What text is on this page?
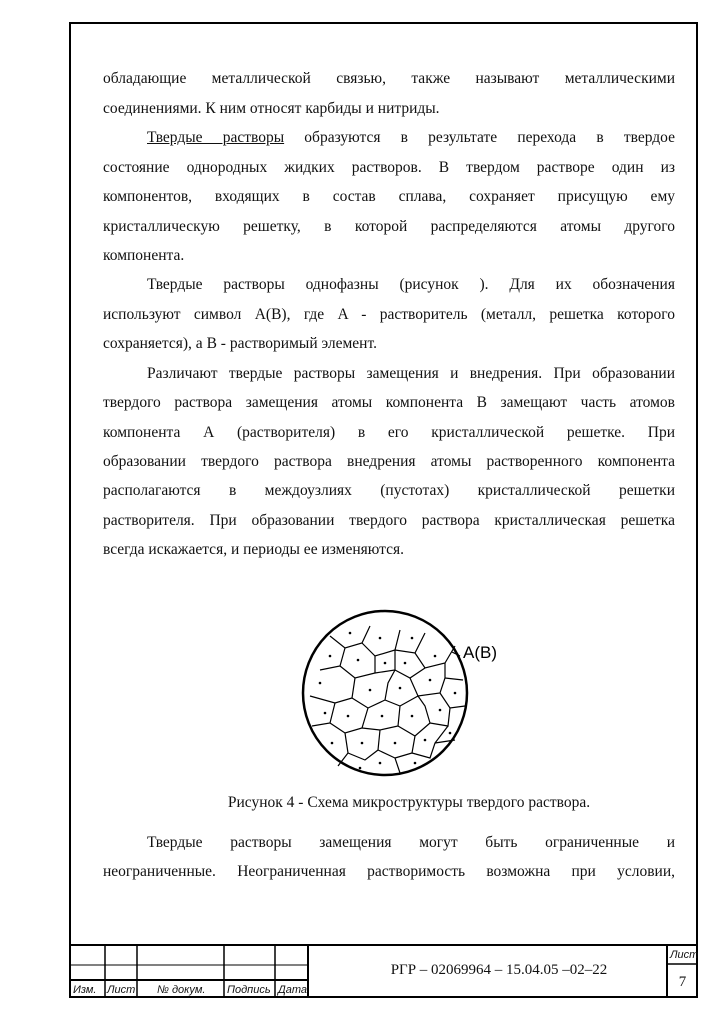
обладающие металлической связью, также называют металлическими

соединениями. К ним относят карбиды и нитриды.

Твердые растворы образуются в результате перехода в твердое

состояние однородных жидких растворов. В твердом растворе один из

компонентов, входящих в состав сплава, сохраняет присущую ему

кристаллическую решетку, в которой распределяются атомы другого

компонента.

Твердые растворы однофазны (рисунок ). Для их обозначения

используют символ A(B), где A - растворитель (металл, решетка которого

сохраняется), а B - растворимый элемент.

Различают твердые растворы замещения и внедрения. При образовании

твердого раствора замещения атомы компонента В замещают часть атомов

компонента А (растворителя) в его кристаллической решетке. При

образовании твердого раствора внедрения атомы растворенного компонента

располагаются в междоузлиях (пустотах) кристаллической решетки

растворителя. При образовании твердого раствора кристаллическая решетка

всегда искажается, и периоды ее изменяются.

A(B)
Рисунок 4 - Схема микроструктуры твердого раствора.

Твердые растворы замещения могут быть ограниченные и

неограниченные. Неограниченная растворимость возможна при условии,

Изм. Лист № докум. Подпись Дата
РГР – 02069964 – 15.04.05 –02–22
Лист
7
